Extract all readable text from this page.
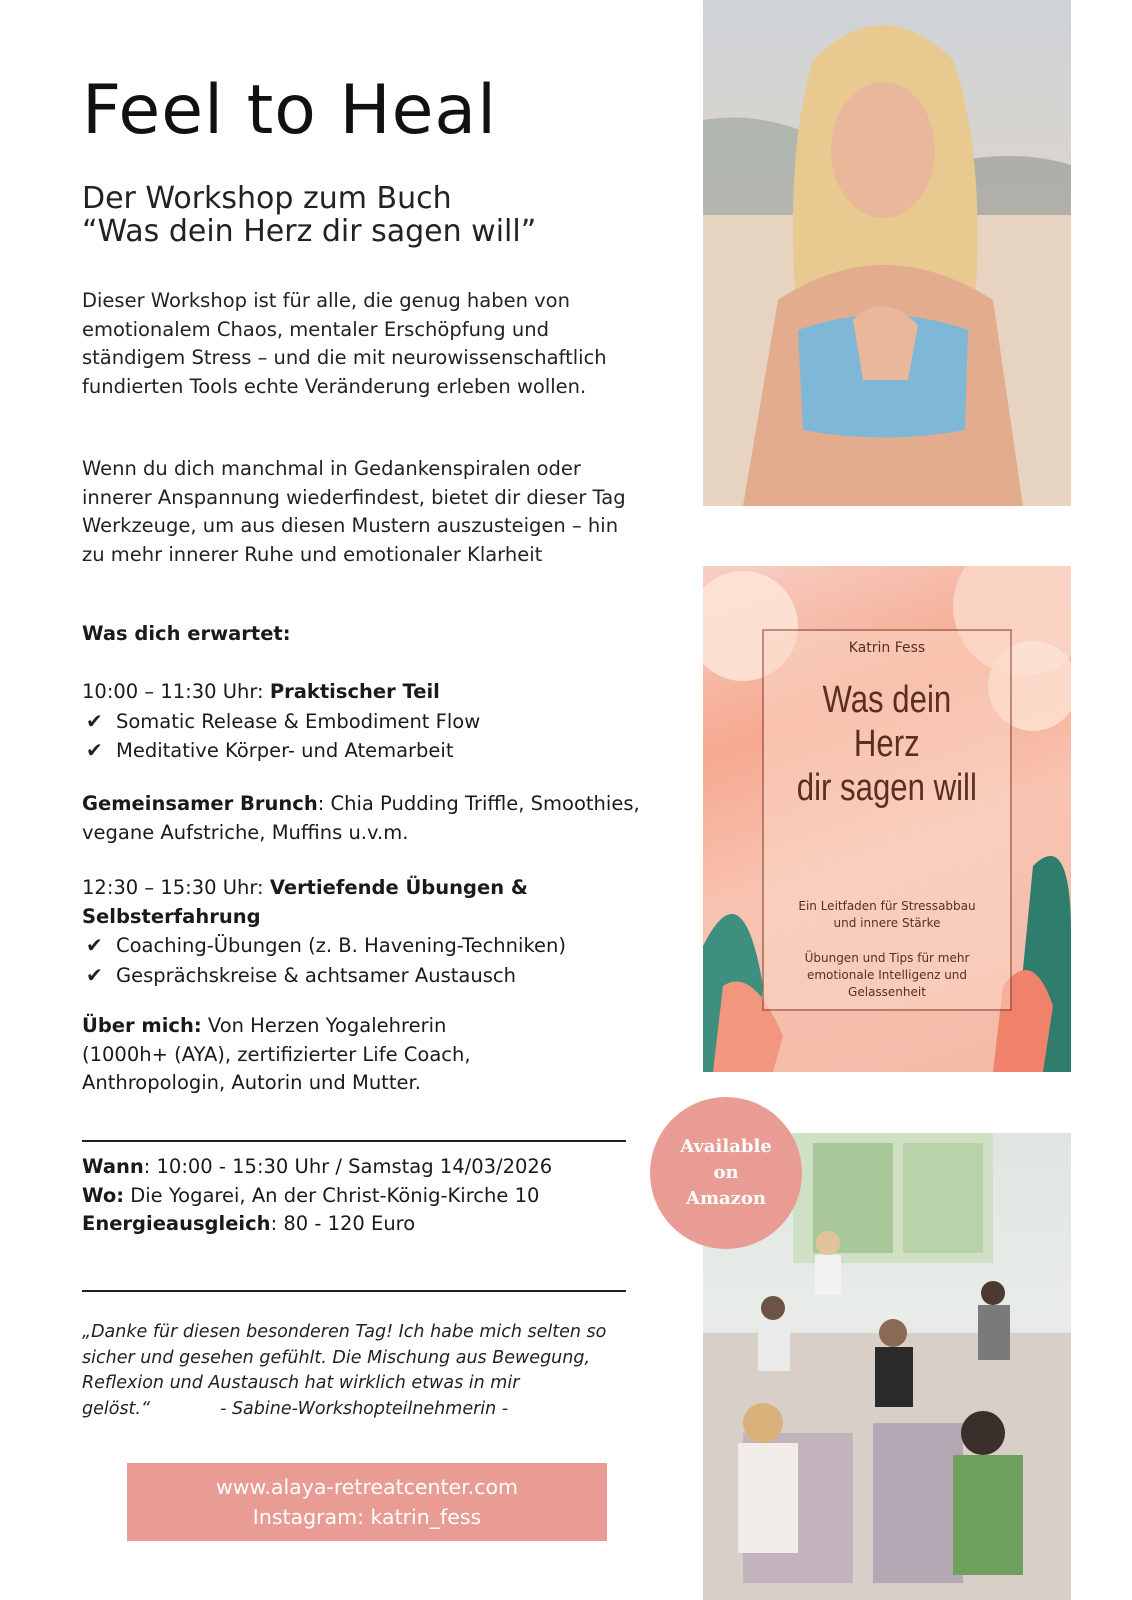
Feel to Heal
Der Workshop zum Buch
“Was dein Herz dir sagen will”

Dieser Workshop ist für alle, die genug haben von emotionalem Chaos, mentaler Erschöpfung und ständigem Stress – und die mit neurowissenschaftlich fundierten Tools echte Veränderung erleben wollen.

Wenn du dich manchmal in Gedankenspiralen oder innerer Anspannung wiederfindest, bietet dir dieser Tag Werkzeuge, um aus diesen Mustern auszusteigen – hin zu mehr innerer Ruhe und emotionaler Klarheit

Was dich erwartet:

10:00 – 11:30 Uhr: Praktischer Teil
✔ Somatic Release & Embodiment Flow
✔ Meditative Körper- und Atemarbeit

Gemeinsamer Brunch: Chia Pudding Triffle, Smoothies, vegane Aufstriche, Muffins u.v.m.

12:30 – 15:30 Uhr: Vertiefende Übungen & Selbsterfahrung
✔ Coaching-Übungen (z. B. Havening-Techniken)
✔ Gesprächskreise & achtsamer Austausch

Über mich: Von Herzen Yogalehrerin (1000h+ (AYA), zertifizierter Life Coach, Anthropologin, Autorin und Mutter.

Wann: 10:00 - 15:30 Uhr / Samstag 14/03/2026
Wo: Die Yogarei, An der Christ-König-Kirche 10
Energieausgleich: 80 - 120 Euro

„Danke für diesen besonderen Tag! Ich habe mich selten so sicher und gesehen gefühlt. Die Mischung aus Bewegung, Reflexion und Austausch hat wirklich etwas in mir gelöst.“	- Sabine-Workshopteilnehmerin -

www.alaya-retreatcenter.com
Instagram: katrin_fess
Katrin Fess
Was dein
Herz
dir sagen will
Ein Leitfaden für Stressabbau
und innere Stärke
Übungen und Tips für mehr
emotionale Intelligenz und
Gelassenheit
Available
on
Amazon
